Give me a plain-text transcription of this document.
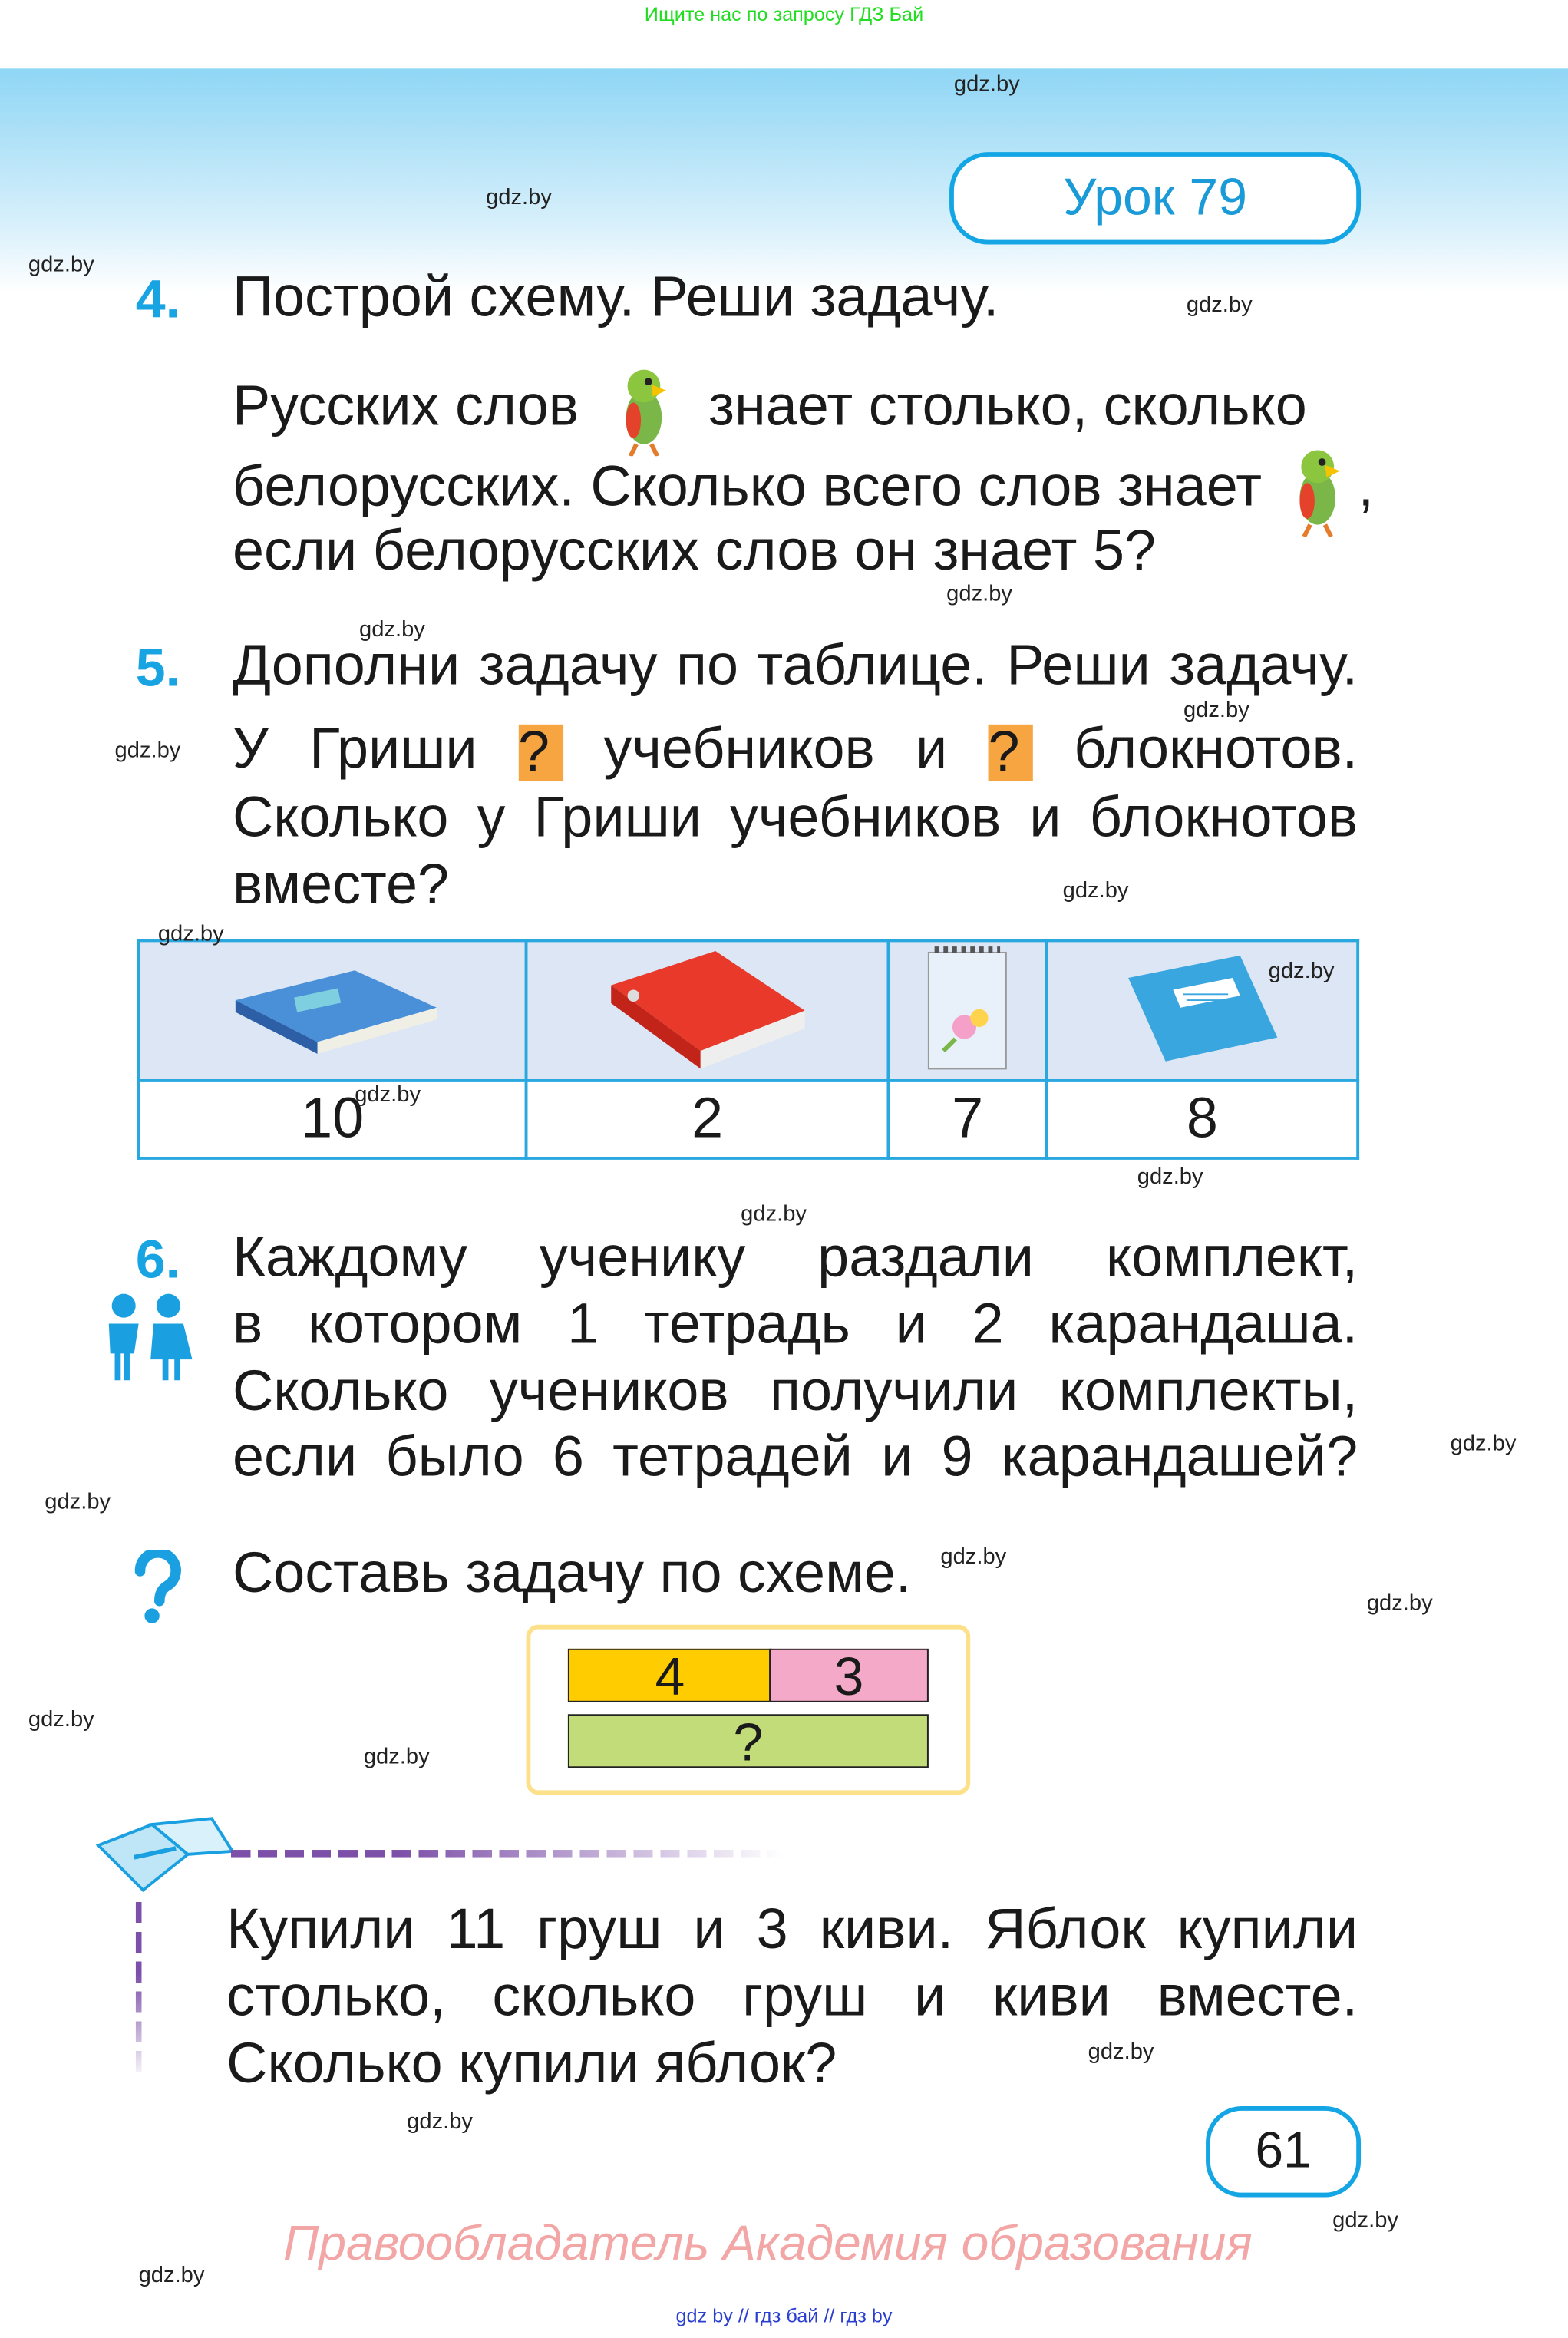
Ищите нас по запросу ГДЗ Бай
Урок 79
4. Построй схему. Реши задачу.
Русских слов	знает столько, сколько
белорусских. Сколько всего слов знает	,
если белорусских слов он знает 5?
5. Дополни задачу по таблице. Реши задачу.
У Гриши ? учебников и ? блокнотов.
Сколько у Гриши учебников и блокнотов
вместе?

10	2	7	8
6. Каждому ученику раздали комплект,
в котором 1 тетрадь и 2 карандаша.
Сколько учеников получили комплекты,
если было 6 тетрадей и 9 карандашей?
Составь задачу по схеме.
4	3
?
Купили 11 груш и 3 киви. Яблок купили
столько, сколько груш и киви вместе.
Сколько купили яблок?
61
Правообладатель Академия образования
gdz by // гдз бай // гдз by
gdz.by
gdz.by
gdz.by
gdz.by
gdz.by
gdz.by
gdz.by
gdz.by
gdz.by
gdz.by
gdz.by
gdz.by
gdz.by
gdz.by
gdz.by
gdz.by
gdz.by
gdz.by
gdz.by
gdz.by
gdz.by
gdz.by
gdz.by
gdz.by
